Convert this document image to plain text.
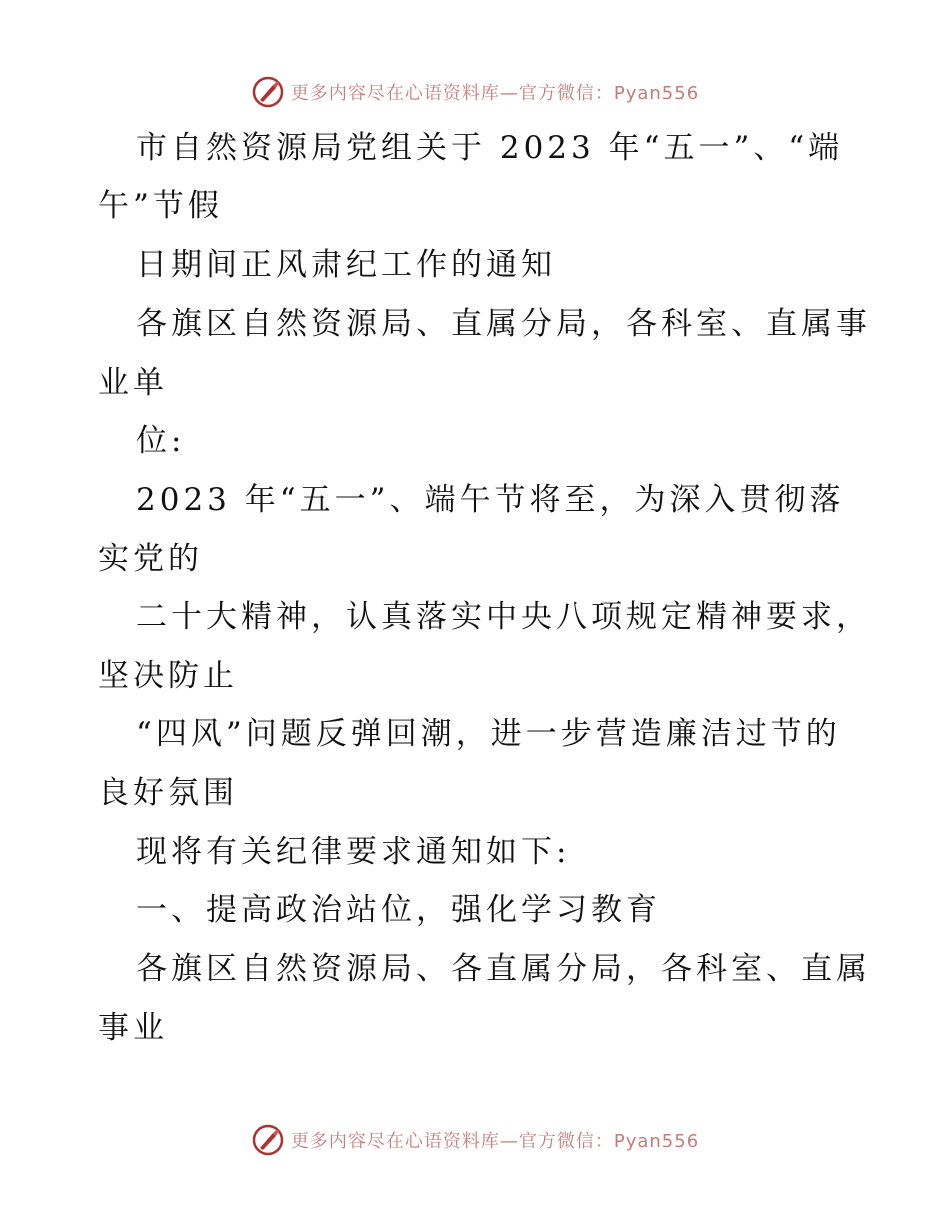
更多内容尽在心语资料库—官方微信：Pyan556
市自然资源局党组关于 2023 年“五一”、“端
午”节假
日期间正风肃纪工作的通知
各旗区自然资源局、直属分局，各科室、直属事
业单
位:
2023 年“五一”、端午节将至，为深入贯彻落
实党的
二十大精神，认真落实中央八项规定精神要求，
坚决防止
“四风”问题反弹回潮，进一步营造廉洁过节的
良好氛围
现将有关纪律要求通知如下:
一、提高政治站位，强化学习教育
各旗区自然资源局、各直属分局，各科室、直属
事业
更多内容尽在心语资料库—官方微信：Pyan556
